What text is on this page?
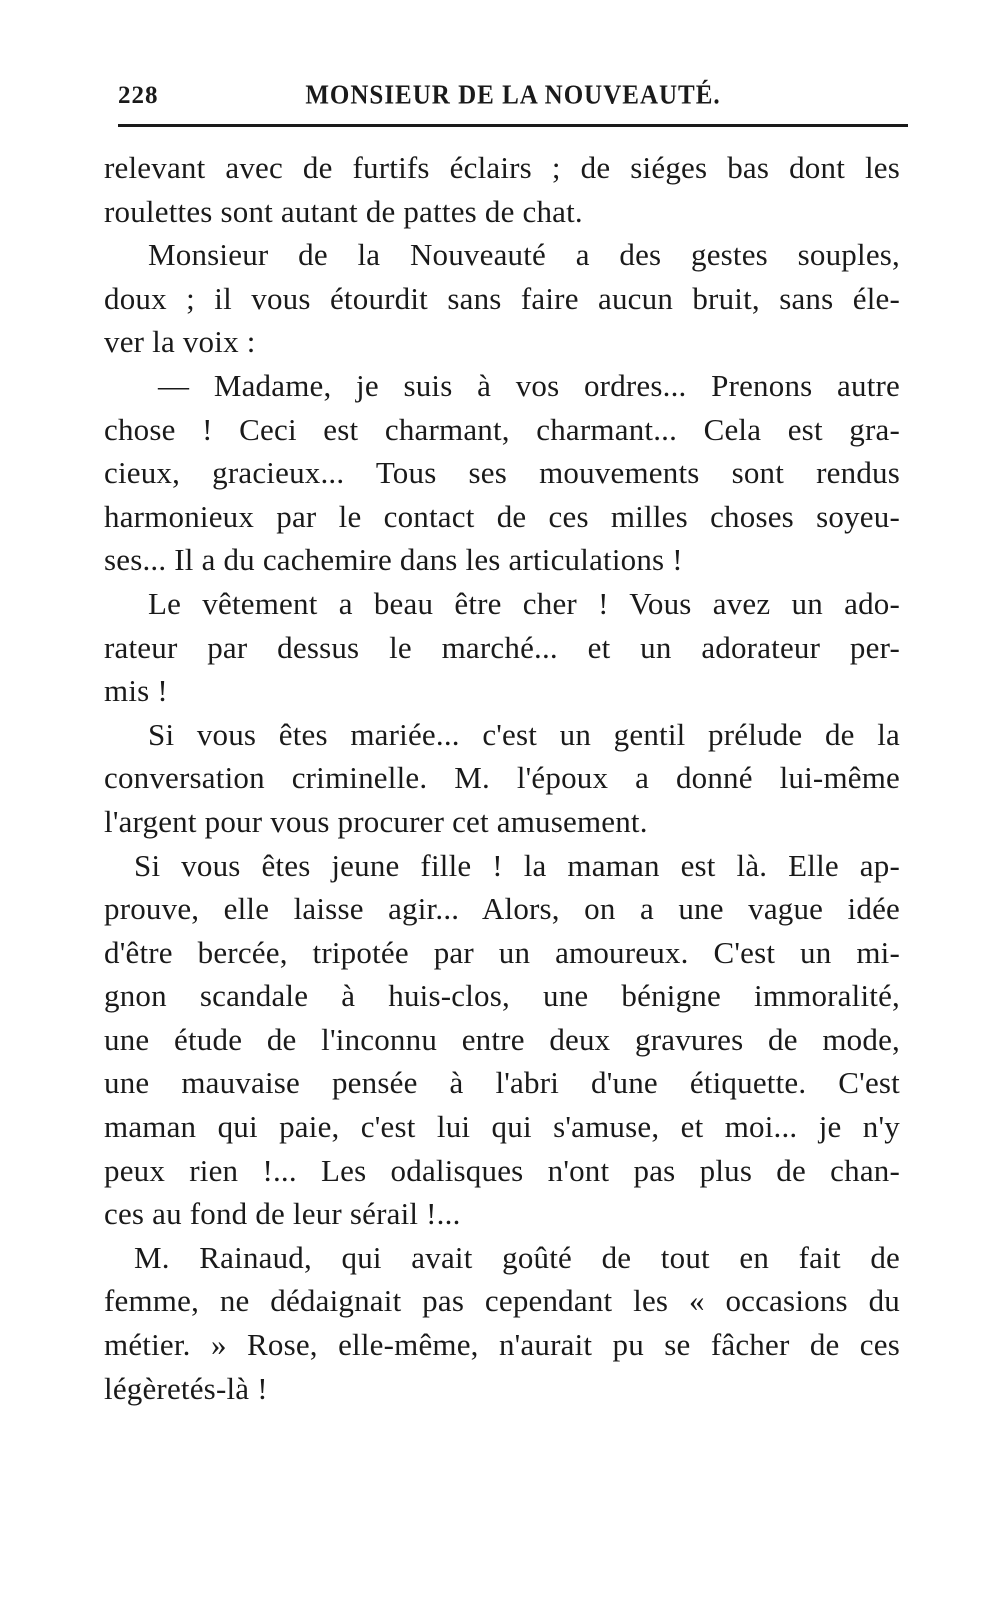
228	MONSIEUR DE LA NOUVEAUTÉ.
relevant avec de furtifs éclairs ; de siéges bas dont les
roulettes sont autant de pattes de chat.
Monsieur de la Nouveauté a des gestes souples,
doux ; il vous étourdit sans faire aucun bruit, sans éle-
ver la voix :
— Madame, je suis à vos ordres... Prenons autre
chose ! Ceci est charmant, charmant... Cela est gra-
cieux, gracieux... Tous ses mouvements sont rendus
harmonieux par le contact de ces milles choses soyeu-
ses... Il a du cachemire dans les articulations !
Le vêtement a beau être cher ! Vous avez un ado-
rateur par dessus le marché... et un adorateur per-
mis !
Si vous êtes mariée... c'est un gentil prélude de la
conversation criminelle. M. l'époux a donné lui-même
l'argent pour vous procurer cet amusement.
Si vous êtes jeune fille ! la maman est là. Elle ap-
prouve, elle laisse agir... Alors, on a une vague idée
d'être bercée, tripotée par un amoureux. C'est un mi-
gnon scandale à huis-clos, une bénigne immoralité,
une étude de l'inconnu entre deux gravures de mode,
une mauvaise pensée à l'abri d'une étiquette. C'est
maman qui paie, c'est lui qui s'amuse, et moi... je n'y
peux rien !... Les odalisques n'ont pas plus de chan-
ces au fond de leur sérail !...
M. Rainaud, qui avait goûté de tout en fait de
femme, ne dédaignait pas cependant les « occasions du
métier. » Rose, elle-même, n'aurait pu se fâcher de ces
légèretés-là !
